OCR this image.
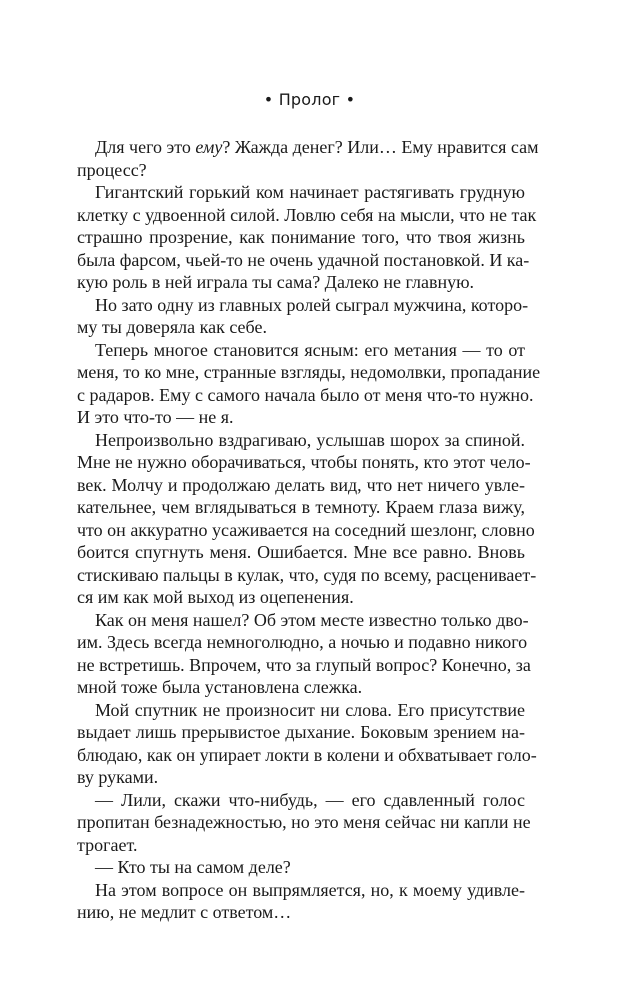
• Пролог •
Для чего это ему? Жажда денег? Или… Ему нравится сам
процесс?
Гигантский горький ком начинает растягивать грудную
клетку с удвоенной силой. Ловлю себя на мысли, что не так
страшно прозрение, как понимание того, что твоя жизнь
была фарсом, чьей-то не очень удачной постановкой. И ка-
кую роль в ней играла ты сама? Далеко не главную.
Но зато одну из главных ролей сыграл мужчина, которо-
му ты доверяла как себе.
Теперь многое становится ясным: его метания — то от
меня, то ко мне, странные взгляды, недомолвки, пропадание
с радаров. Ему с самого начала было от меня что-то нужно.
И это что-то — не я.
Непроизвольно вздрагиваю, услышав шорох за спиной.
Мне не нужно оборачиваться, чтобы понять, кто этот чело-
век. Молчу и продолжаю делать вид, что нет ничего увле-
кательнее, чем вглядываться в темноту. Краем глаза вижу,
что он аккуратно усаживается на соседний шезлонг, словно
боится спугнуть меня. Ошибается. Мне все равно. Вновь
стискиваю пальцы в кулак, что, судя по всему, расценивает-
ся им как мой выход из оцепенения.
Как он меня нашел? Об этом месте известно только дво-
им. Здесь всегда немноголюдно, а ночью и подавно никого
не встретишь. Впрочем, что за глупый вопрос? Конечно, за
мной тоже была установлена слежка.
Мой спутник не произносит ни слова. Его присутствие
выдает лишь прерывистое дыхание. Боковым зрением на-
блюдаю, как он упирает локти в колени и обхватывает голо-
ву руками.
— Лили, скажи что-нибудь, — его сдавленный голос
пропитан безнадежностью, но это меня сейчас ни капли не
трогает.
— Кто ты на самом деле?
На этом вопросе он выпрямляется, но, к моему удивле-
нию, не медлит с ответом…
